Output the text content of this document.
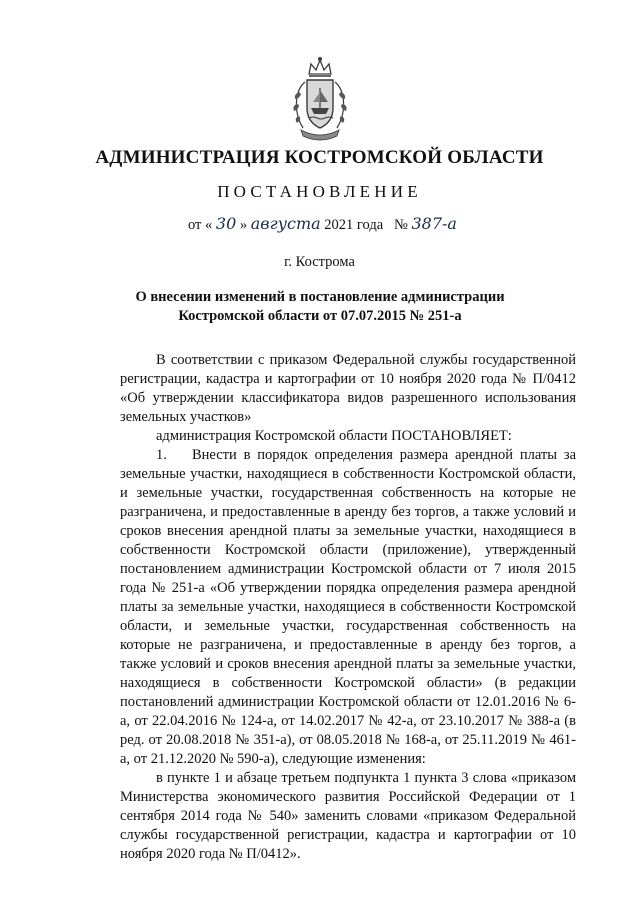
АДМИНИСТРАЦИЯ КОСТРОМСКОЙ ОБЛАСТИ
ПОСТАНОВЛЕНИЕ
от « 30 » августа 2021 года № 387-а
г. Кострома
О внесении изменений в постановление администрации
Костромской области от 07.07.2015 № 251-а

В соответствии с приказом Федеральной службы государственной регистрации, кадастра и картографии от 10 ноября 2020 года № П/0412 «Об утверждении классификатора видов разрешенного использования земельных участков»

администрация Костромской области ПОСТАНОВЛЯЕТ:

1. Внести в порядок определения размера арендной платы за земельные участки, находящиеся в собственности Костромской области, и земельные участки, государственная собственность на которые не разграничена, и предоставленные в аренду без торгов, а также условий и сроков внесения арендной платы за земельные участки, находящиеся в собственности Костромской области (приложение), утвержденный постановлением администрации Костромской области от 7 июля 2015 года № 251-а «Об утверждении порядка определения размера арендной платы за земельные участки, находящиеся в собственности Костромской области, и земельные участки, государственная собственность на которые не разграничена, и предоставленные в аренду без торгов, а также условий и сроков внесения арендной платы за земельные участки, находящиеся в собственности Костромской области» (в редакции постановлений администрации Костромской области от 12.01.2016 № 6-а, от 22.04.2016 № 124-а, от 14.02.2017 № 42-а, от 23.10.2017 № 388-а (в ред. от 20.08.2018 № 351-а), от 08.05.2018 № 168-а, от 25.11.2019 № 461-а, от 21.12.2020 № 590-а), следующие изменения:

в пункте 1 и абзаце третьем подпункта 1 пункта 3 слова «приказом Министерства экономического развития Российской Федерации от 1 сентября 2014 года № 540» заменить словами «приказом Федеральной службы государственной регистрации, кадастра и картографии от 10 ноября 2020 года № П/0412».
